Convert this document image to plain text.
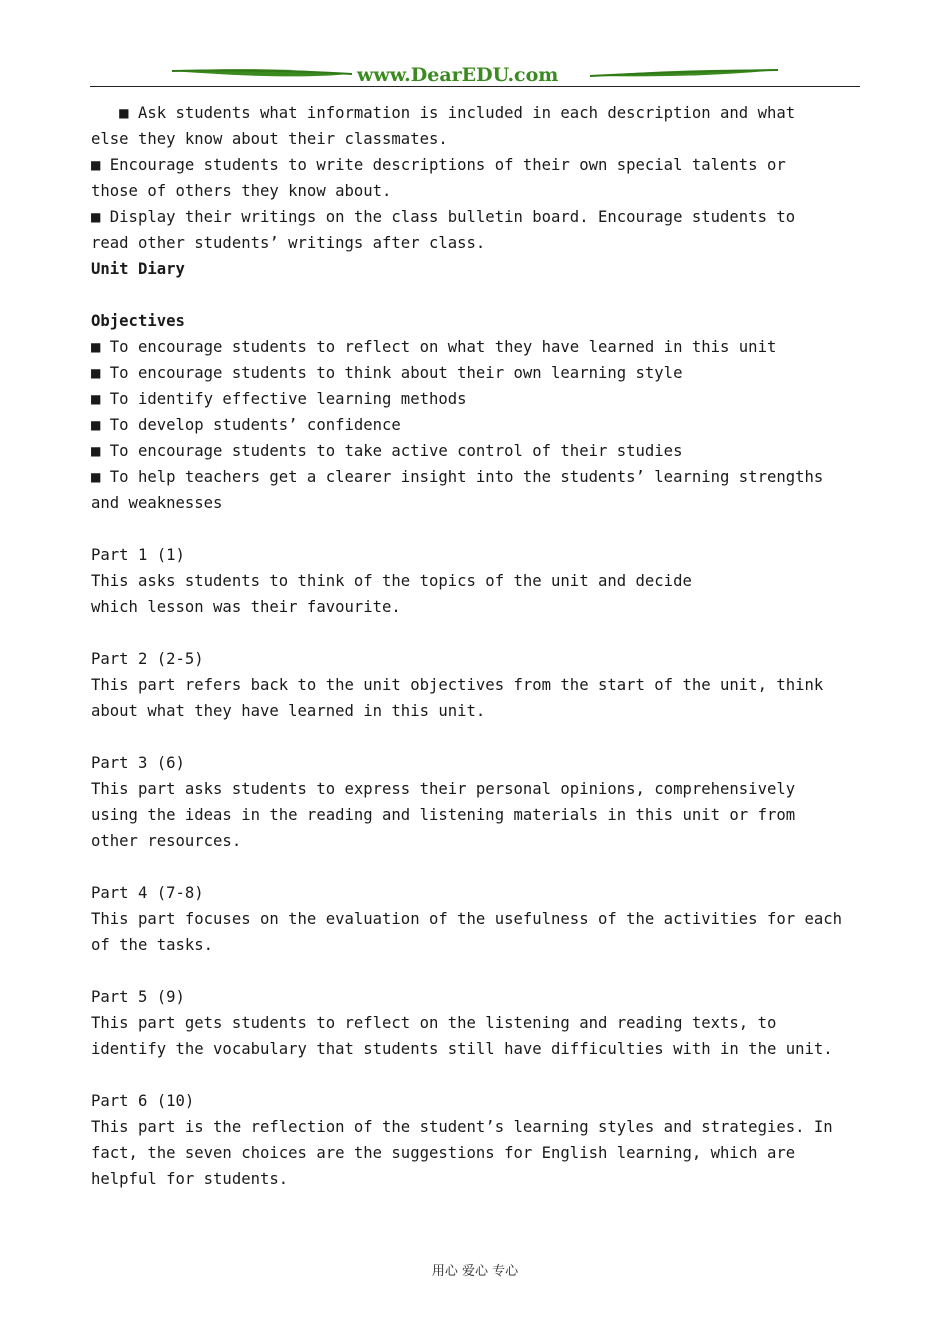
www.DearEDU.com
■ Ask students what information is included in each description and what
else they know about their classmates.
■ Encourage students to write descriptions of their own special talents or
those of others they know about.
■ Display their writings on the class bulletin board. Encourage students to
read other students’ writings after class.
Unit Diary
Objectives
■ To encourage students to reflect on what they have learned in this unit
■ To encourage students to think about their own learning style
■ To identify effective learning methods
■ To develop students’ confidence
■ To encourage students to take active control of their studies
■ To help teachers get a clearer insight into the students’ learning strengths
and weaknesses
Part 1 (1)
This asks students to think of the topics of the unit and decide
which lesson was their favourite.
Part 2 (2-5)
This part refers back to the unit objectives from the start of the unit, think
about what they have learned in this unit.
Part 3 (6)
This part asks students to express their personal opinions, comprehensively
using the ideas in the reading and listening materials in this unit or from
other resources.
Part 4 (7-8)
This part focuses on the evaluation of the usefulness of the activities for each
of the tasks.
Part 5 (9)
This part gets students to reflect on the listening and reading texts, to
identify the vocabulary that students still have difficulties with in the unit.
Part 6 (10)
This part is the reflection of the student’s learning styles and strategies. In
fact, the seven choices are the suggestions for English learning, which are
helpful for students.
用心 爱心 专心
